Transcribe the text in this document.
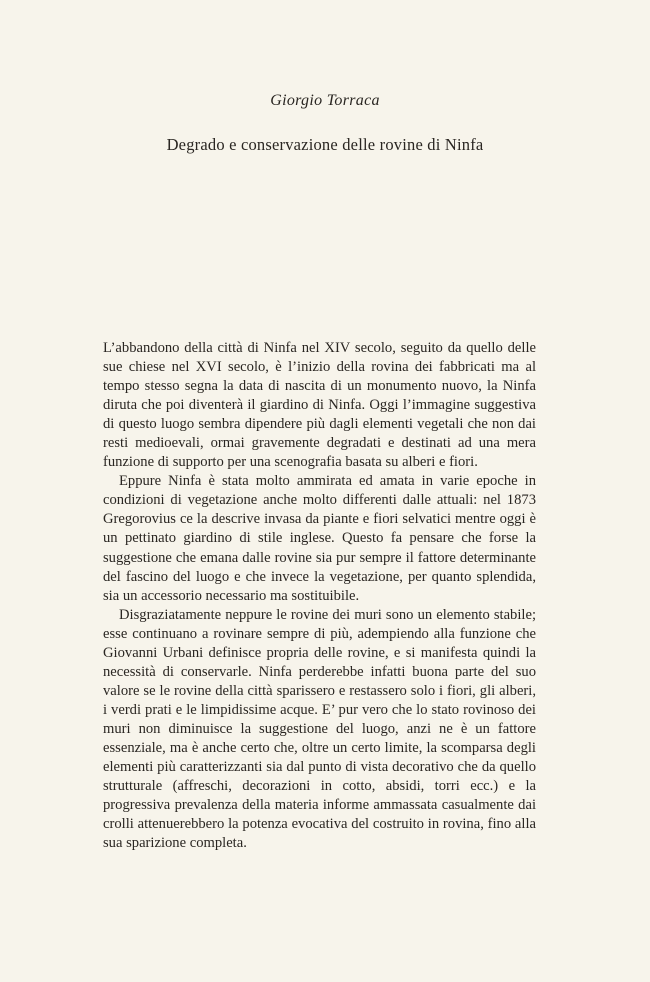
Giorgio Torraca
Degrado e conservazione delle rovine di Ninfa

L’abbandono della città di Ninfa nel XIV secolo, seguito da quello delle sue chiese nel XVI secolo, è l’inizio della rovina dei fabbricati ma al tempo stesso segna la data di nascita di un monumento nuovo, la Ninfa diruta che poi diventerà il giardino di Ninfa. Oggi l’immagine suggestiva di questo luogo sembra dipendere più dagli elementi vegetali che non dai resti medioevali, ormai gravemente degradati e destinati ad una mera funzione di supporto per una scenografia basata su alberi e fiori.

Eppure Ninfa è stata molto ammirata ed amata in varie epoche in condizioni di vegetazione anche molto differenti dalle attuali: nel 1873 Gregorovius ce la descrive invasa da piante e fiori selvatici mentre oggi è un pettinato giardino di stile inglese. Questo fa pensare che forse la suggestione che emana dalle rovine sia pur sempre il fattore determinante del fascino del luogo e che invece la vegetazione, per quanto splendida, sia un accessorio necessario ma sostituibile.

Disgraziatamente neppure le rovine dei muri sono un elemento stabile; esse continuano a rovinare sempre di più, adempiendo alla funzione che Giovanni Urbani definisce propria delle rovine, e si manifesta quindi la necessità di conservarle. Ninfa perderebbe infatti buona parte del suo valore se le rovine della città sparissero e restassero solo i fiori, gli alberi, i verdi prati e le limpidissime acque. E’ pur vero che lo stato rovinoso dei muri non diminuisce la suggestione del luogo, anzi ne è un fattore essenziale, ma è anche certo che, oltre un certo limite, la scomparsa degli elementi più caratterizzanti sia dal punto di vista decorativo che da quello strutturale (affreschi, decorazioni in cotto, absidi, torri ecc.) e la progressiva prevalenza della materia informe ammassata casualmente dai crolli attenuerebbero la potenza evocativa del costruito in rovina, fino alla sua sparizione completa.
